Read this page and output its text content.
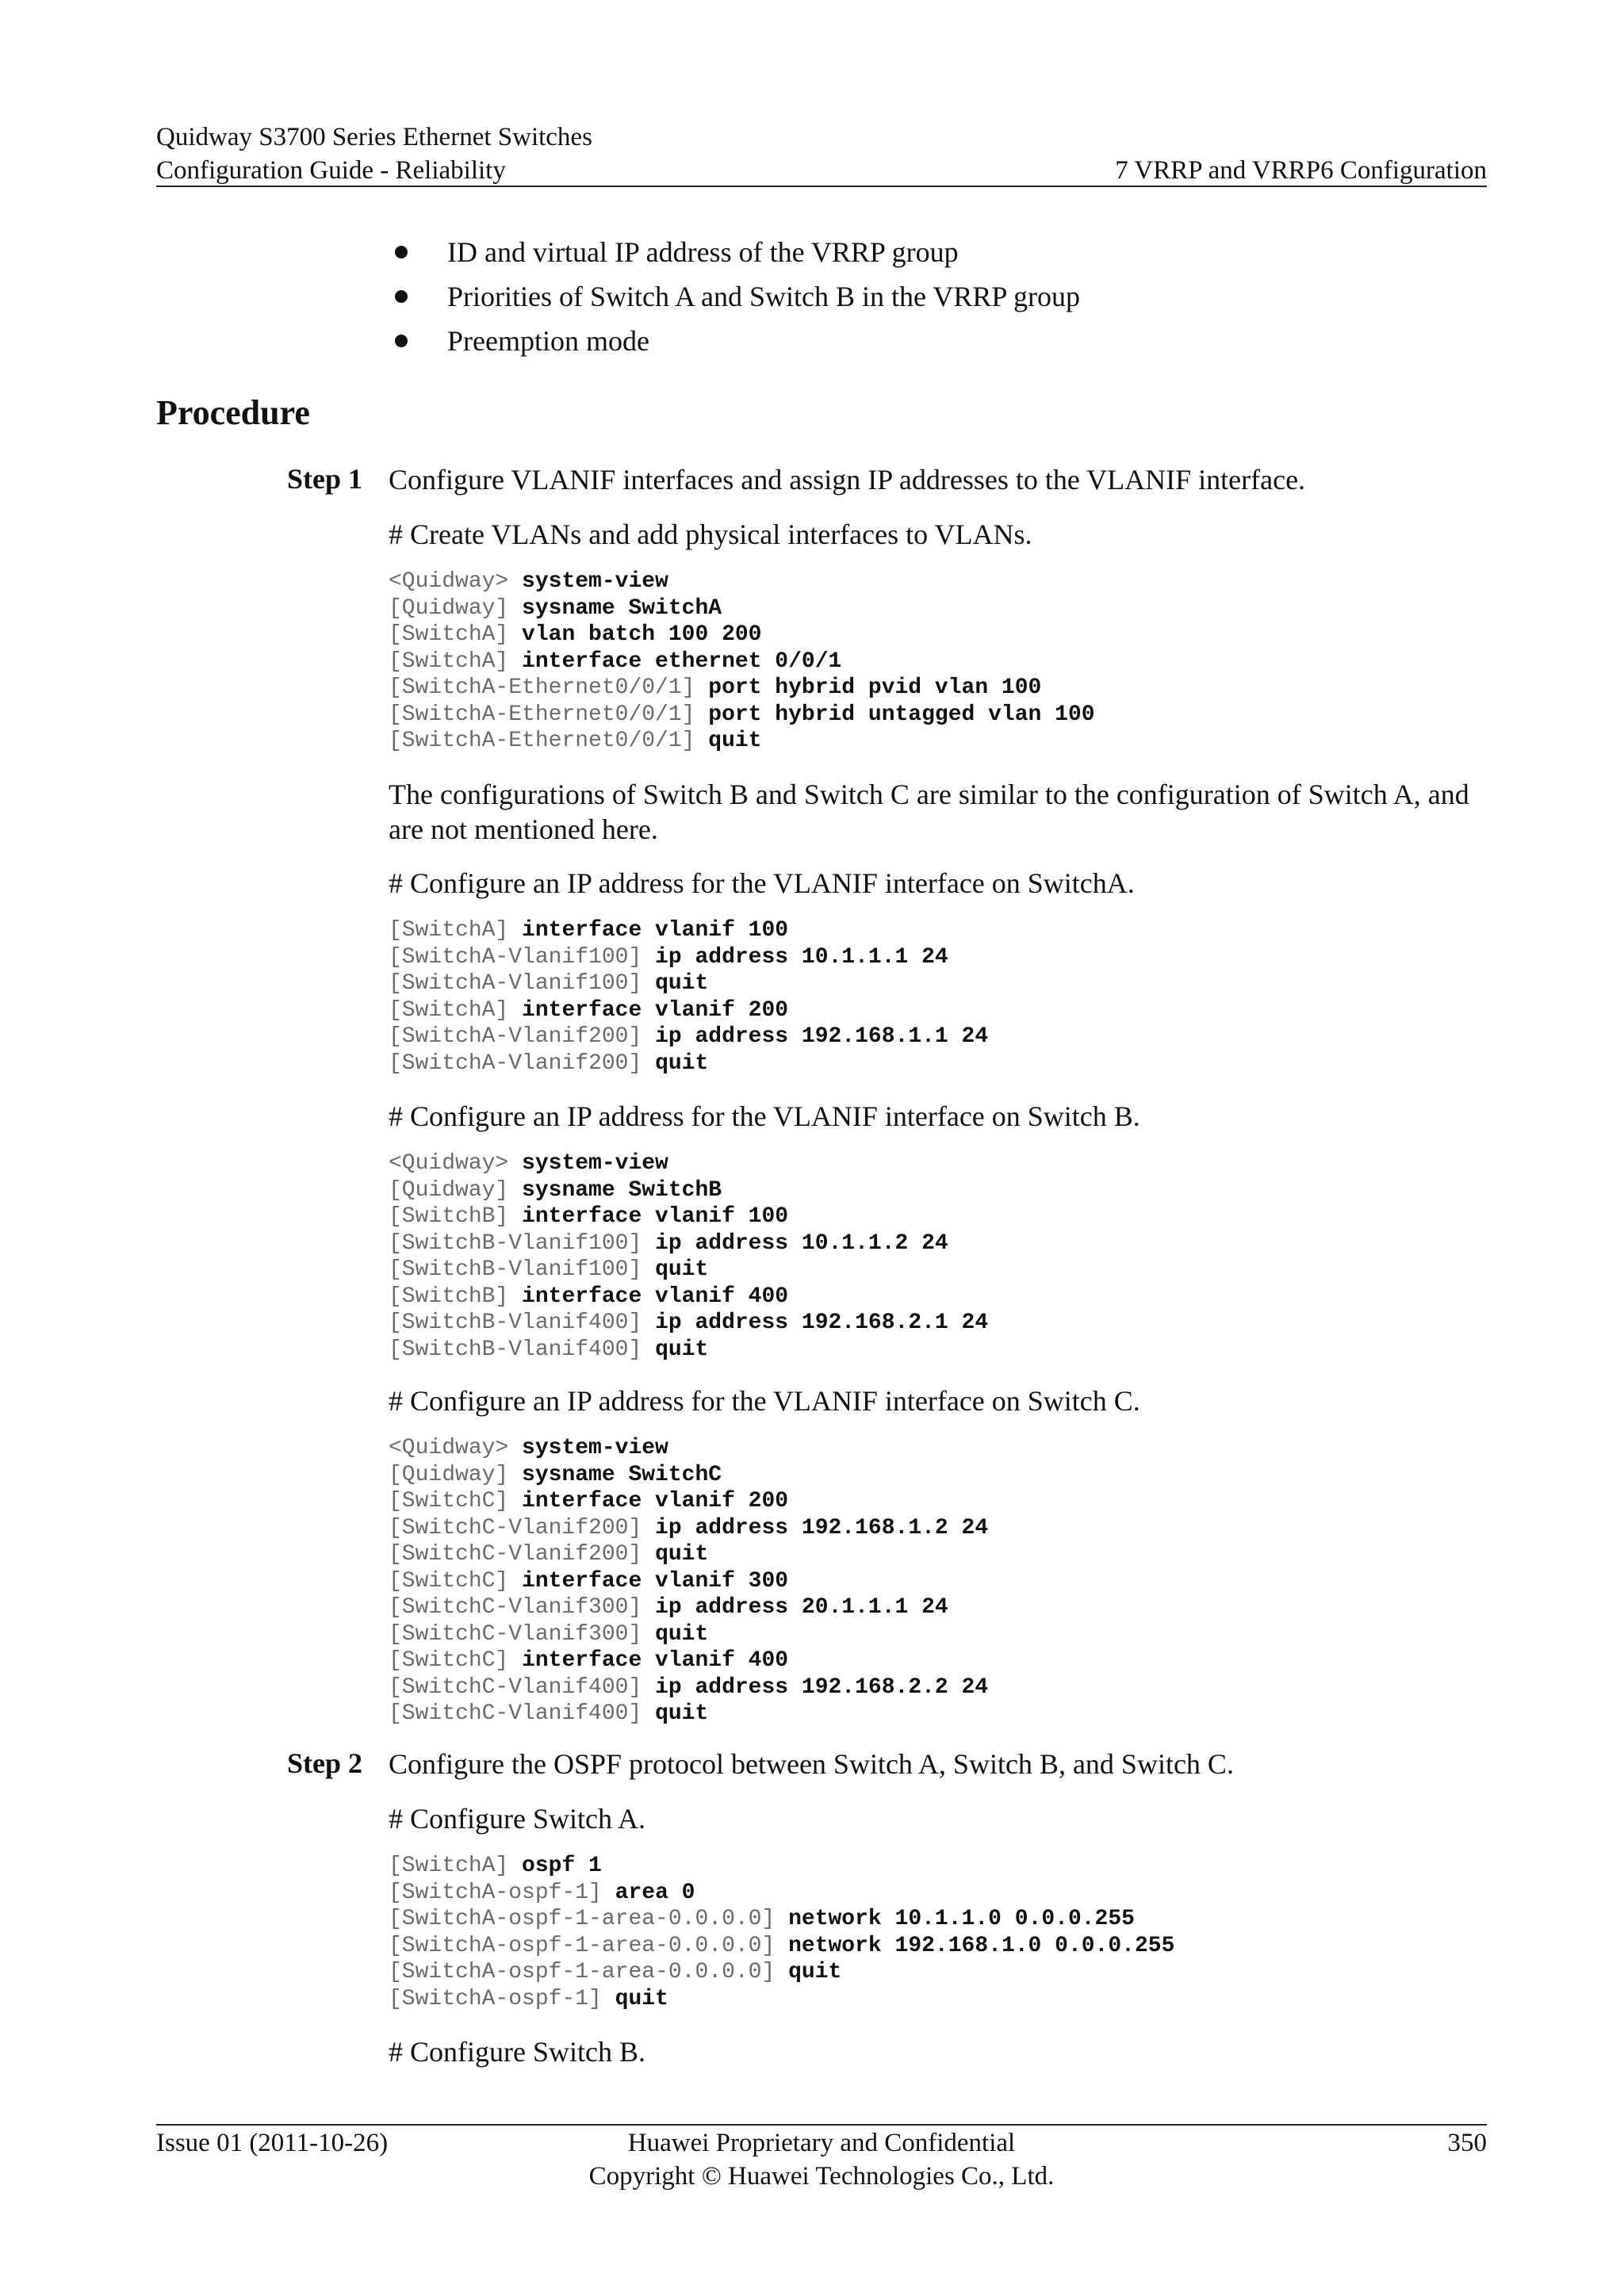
Quidway S3700 Series Ethernet Switches
Configuration Guide - Reliability	7 VRRP and VRRP6 Configuration
ID and virtual IP address of the VRRP group
Priorities of Switch A and Switch B in the VRRP group
Preemption mode
Procedure
Step 1 Configure VLANIF interfaces and assign IP addresses to the VLANIF interface.

# Create VLANs and add physical interfaces to VLANs.

<Quidway> system-view
[Quidway] sysname SwitchA
[SwitchA] vlan batch 100 200
[SwitchA] interface ethernet 0/0/1
[SwitchA-Ethernet0/0/1] port hybrid pvid vlan 100
[SwitchA-Ethernet0/0/1] port hybrid untagged vlan 100
[SwitchA-Ethernet0/0/1] quit

The configurations of Switch B and Switch C are similar to the configuration of Switch A, and are not mentioned here.

# Configure an IP address for the VLANIF interface on SwitchA.

[SwitchA] interface vlanif 100
[SwitchA-Vlanif100] ip address 10.1.1.1 24
[SwitchA-Vlanif100] quit
[SwitchA] interface vlanif 200
[SwitchA-Vlanif200] ip address 192.168.1.1 24
[SwitchA-Vlanif200] quit

# Configure an IP address for the VLANIF interface on Switch B.

<Quidway> system-view
[Quidway] sysname SwitchB
[SwitchB] interface vlanif 100
[SwitchB-Vlanif100] ip address 10.1.1.2 24
[SwitchB-Vlanif100] quit
[SwitchB] interface vlanif 400
[SwitchB-Vlanif400] ip address 192.168.2.1 24
[SwitchB-Vlanif400] quit

# Configure an IP address for the VLANIF interface on Switch C.

<Quidway> system-view
[Quidway] sysname SwitchC
[SwitchC] interface vlanif 200
[SwitchC-Vlanif200] ip address 192.168.1.2 24
[SwitchC-Vlanif200] quit
[SwitchC] interface vlanif 300
[SwitchC-Vlanif300] ip address 20.1.1.1 24
[SwitchC-Vlanif300] quit
[SwitchC] interface vlanif 400
[SwitchC-Vlanif400] ip address 192.168.2.2 24
[SwitchC-Vlanif400] quit
Step 2 Configure the OSPF protocol between Switch A, Switch B, and Switch C.

# Configure Switch A.

[SwitchA] ospf 1
[SwitchA-ospf-1] area 0
[SwitchA-ospf-1-area-0.0.0.0] network 10.1.1.0 0.0.0.255
[SwitchA-ospf-1-area-0.0.0.0] network 192.168.1.0 0.0.0.255
[SwitchA-ospf-1-area-0.0.0.0] quit
[SwitchA-ospf-1] quit

# Configure Switch B.

Issue 01 (2011-10-26)	Huawei Proprietary and Confidential
Copyright © Huawei Technologies Co., Ltd.
350
